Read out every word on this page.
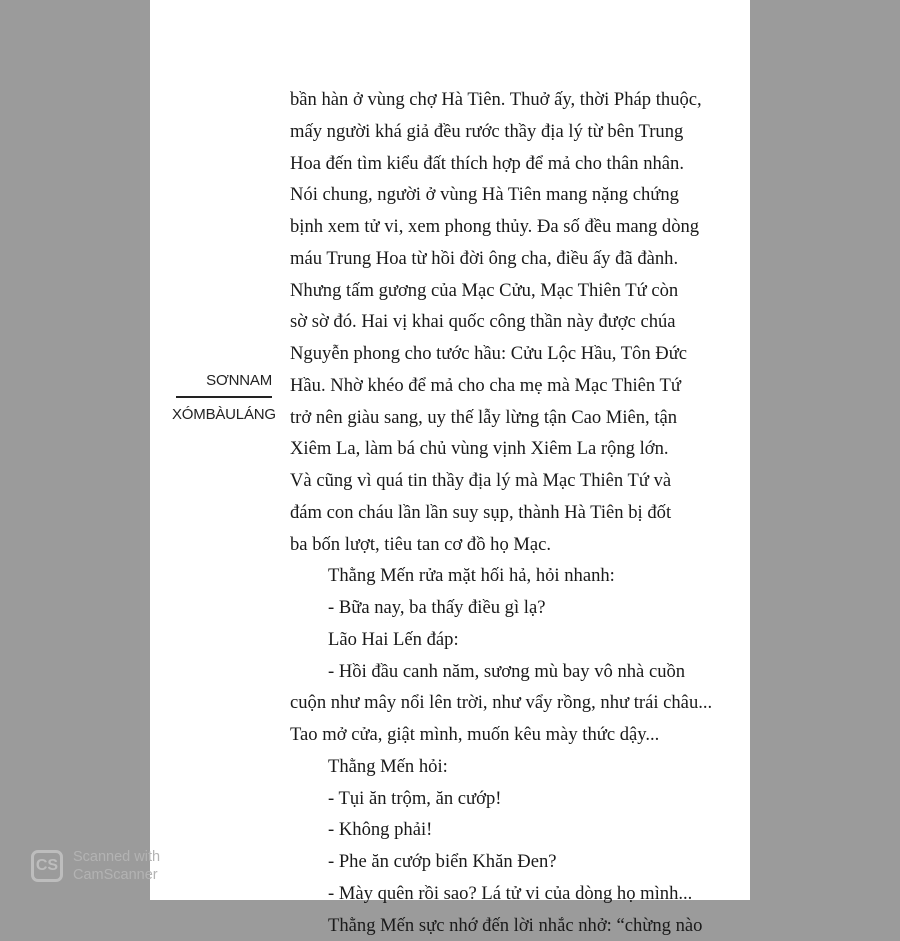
SƠNNAM
XÓMBÀULÁNG
bần hàn ở vùng chợ Hà Tiên. Thuở ấy, thời Pháp thuộc,
mấy người khá giả đều rước thầy địa lý từ bên Trung
Hoa đến tìm kiểu đất thích hợp để mả cho thân nhân.
Nói chung, người ở vùng Hà Tiên mang nặng chứng
bịnh xem tử vi, xem phong thủy. Đa số đều mang dòng
máu Trung Hoa từ hồi đời ông cha, điều ấy đã đành.
Nhưng tấm gương của Mạc Cửu, Mạc Thiên Tứ còn
sờ sờ đó. Hai vị khai quốc công thần này được chúa
Nguyễn phong cho tước hầu: Cửu Lộc Hầu, Tôn Đức
Hầu. Nhờ khéo để mả cho cha mẹ mà Mạc Thiên Tứ
trở nên giàu sang, uy thế lẫy lừng tận Cao Miên, tận
Xiêm La, làm bá chủ vùng vịnh Xiêm La rộng lớn.
Và cũng vì quá tin thầy địa lý mà Mạc Thiên Tứ và
đám con cháu lần lần suy sụp, thành Hà Tiên bị đốt
ba bốn lượt, tiêu tan cơ đồ họ Mạc.
Thằng Mến rửa mặt hối hả, hỏi nhanh:
- Bữa nay, ba thấy điều gì lạ?
Lão Hai Lến đáp:
- Hồi đầu canh năm, sương mù bay vô nhà cuồn
cuộn như mây nổi lên trời, như vẩy rồng, như trái châu...
Tao mở cửa, giật mình, muốn kêu mày thức dậy...
Thằng Mến hỏi:
- Tụi ăn trộm, ăn cướp!
- Không phải!
- Phe ăn cướp biển Khăn Đen?
- Mày quên rồi sao? Lá tử vi của dòng họ mình...
Thằng Mến sực nhớ đến lời nhắc nhở: “chừng nào
CS	Scanned with
CamScanner
